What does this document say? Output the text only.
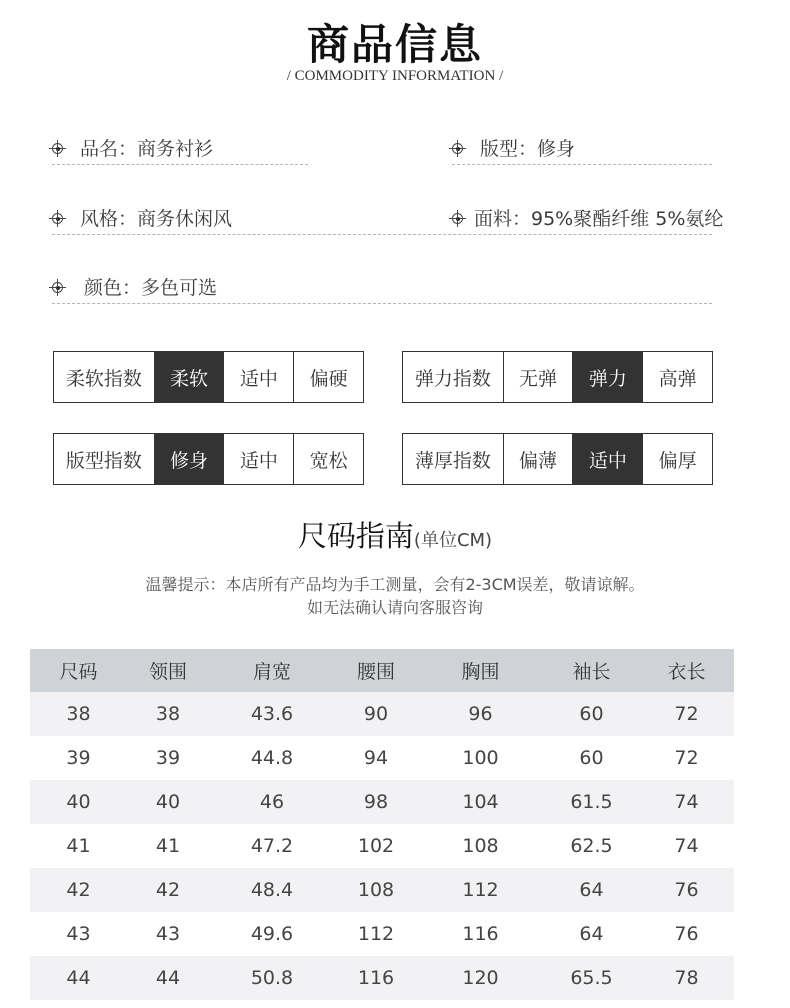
商品信息
/ COMMODITY INFORMATION /
品名：商务衬衫	版型：修身
风格：商务休闲风	面料：95%聚酯纤维 5%氨纶
颜色：多色可选
柔软指数	柔软	适中	偏硬	弹力指数	无弹	弹力	高弹
版型指数	修身	适中	宽松	薄厚指数	偏薄	适中	偏厚
尺码指南(单位CM)
温馨提示：本店所有产品均为手工测量，会有2-3CM误差，敬请谅解。
如无法确认请向客服咨询
尺码	领围	肩宽	腰围	胸围	袖长	衣长
38	38	43.6	90	96	60	72
39	39	44.8	94	100	60	72
40	40	46	98	104	61.5	74
41	41	47.2	102	108	62.5	74
42	42	48.4	108	112	64	76
43	43	49.6	112	116	64	76
44	44	50.8	116	120	65.5	78
